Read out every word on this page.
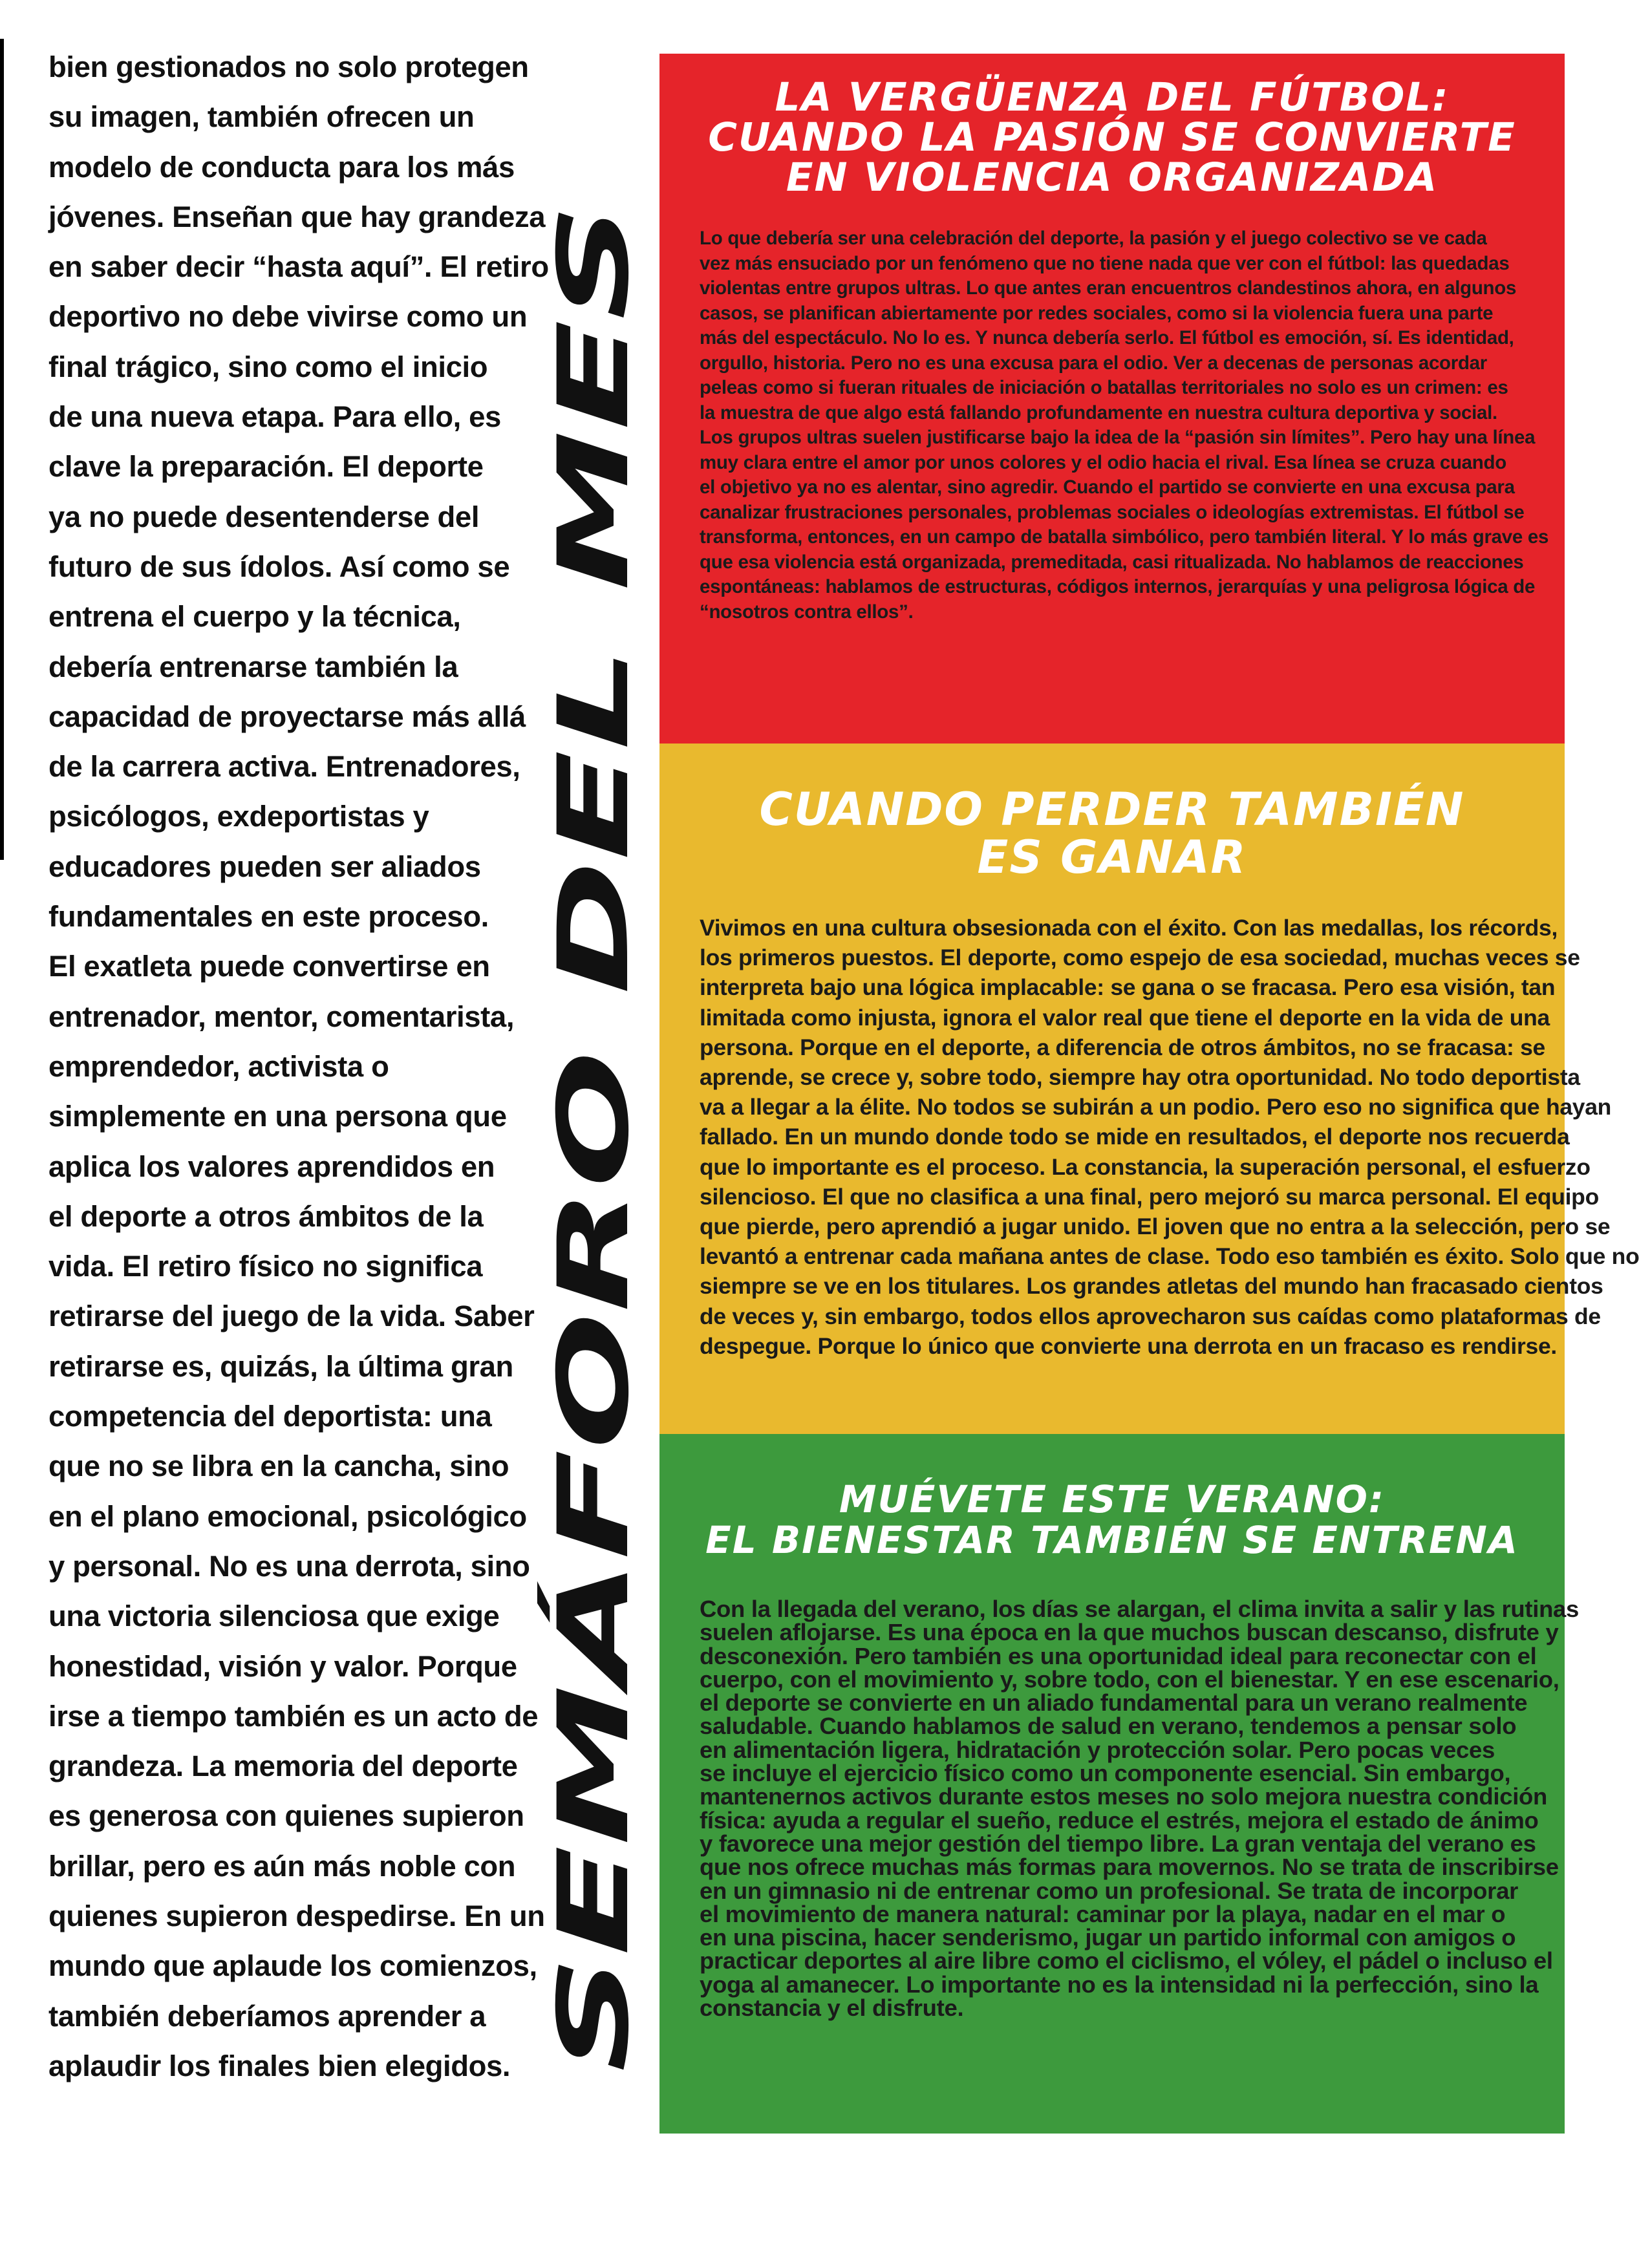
bien gestionados no solo protegen
su imagen, también ofrecen un
modelo de conducta para los más
jóvenes. Enseñan que hay grandeza
en saber decir “hasta aquí”. El retiro
deportivo no debe vivirse como un
final trágico, sino como el inicio
de una nueva etapa. Para ello, es
clave la preparación. El deporte
ya no puede desentenderse del
futuro de sus ídolos. Así como se
entrena el cuerpo y la técnica,
debería entrenarse también la
capacidad de proyectarse más allá
de la carrera activa. Entrenadores,
psicólogos, exdeportistas y
educadores pueden ser aliados
fundamentales en este proceso.
El exatleta puede convertirse en
entrenador, mentor, comentarista,
emprendedor, activista o
simplemente en una persona que
aplica los valores aprendidos en
el deporte a otros ámbitos de la
vida. El retiro físico no significa
retirarse del juego de la vida. Saber
retirarse es, quizás, la última gran
competencia del deportista: una
que no se libra en la cancha, sino
en el plano emocional, psicológico
y personal. No es una derrota, sino
una victoria silenciosa que exige
honestidad, visión y valor. Porque
irse a tiempo también es un acto de
grandeza. La memoria del deporte
es generosa con quienes supieron
brillar, pero es aún más noble con
quienes supieron despedirse. En un
mundo que aplaude los comienzos,
también deberíamos aprender a
aplaudir los finales bien elegidos. SEMÁFORO DEL MES
LA VERGÜENZA DEL FÚTBOL:
CUANDO LA PASIÓN SE CONVIERTE
EN VIOLENCIA ORGANIZADA
Lo que debería ser una celebración del deporte, la pasión y el juego colectivo se ve cada
vez más ensuciado por un fenómeno que no tiene nada que ver con el fútbol: las quedadas
violentas entre grupos ultras. Lo que antes eran encuentros clandestinos ahora, en algunos
casos, se planifican abiertamente por redes sociales, como si la violencia fuera una parte
más del espectáculo. No lo es. Y nunca debería serlo. El fútbol es emoción, sí. Es identidad,
orgullo, historia. Pero no es una excusa para el odio. Ver a decenas de personas acordar
peleas como si fueran rituales de iniciación o batallas territoriales no solo es un crimen: es
la muestra de que algo está fallando profundamente en nuestra cultura deportiva y social.
Los grupos ultras suelen justificarse bajo la idea de la “pasión sin límites”. Pero hay una línea
muy clara entre el amor por unos colores y el odio hacia el rival. Esa línea se cruza cuando
el objetivo ya no es alentar, sino agredir. Cuando el partido se convierte en una excusa para
canalizar frustraciones personales, problemas sociales o ideologías extremistas. El fútbol se
transforma, entonces, en un campo de batalla simbólico, pero también literal. Y lo más grave es
que esa violencia está organizada, premeditada, casi ritualizada. No hablamos de reacciones
espontáneas: hablamos de estructuras, códigos internos, jerarquías y una peligrosa lógica de
“nosotros contra ellos”.
CUANDO PERDER TAMBIÉN
ES GANAR
Vivimos en una cultura obsesionada con el éxito. Con las medallas, los récords,
los primeros puestos. El deporte, como espejo de esa sociedad, muchas veces se
interpreta bajo una lógica implacable: se gana o se fracasa. Pero esa visión, tan
limitada como injusta, ignora el valor real que tiene el deporte en la vida de una
persona. Porque en el deporte, a diferencia de otros ámbitos, no se fracasa: se
aprende, se crece y, sobre todo, siempre hay otra oportunidad. No todo deportista
va a llegar a la élite. No todos se subirán a un podio. Pero eso no significa que hayan
fallado. En un mundo donde todo se mide en resultados, el deporte nos recuerda
que lo importante es el proceso. La constancia, la superación personal, el esfuerzo
silencioso. El que no clasifica a una final, pero mejoró su marca personal. El equipo
que pierde, pero aprendió a jugar unido. El joven que no entra a la selección, pero se
levantó a entrenar cada mañana antes de clase. Todo eso también es éxito. Solo que no
siempre se ve en los titulares. Los grandes atletas del mundo han fracasado cientos
de veces y, sin embargo, todos ellos aprovecharon sus caídas como plataformas de
despegue. Porque lo único que convierte una derrota en un fracaso es rendirse.
MUÉVETE ESTE VERANO:
EL BIENESTAR TAMBIÉN SE ENTRENA
Con la llegada del verano, los días se alargan, el clima invita a salir y las rutinas
suelen aflojarse. Es una época en la que muchos buscan descanso, disfrute y
desconexión. Pero también es una oportunidad ideal para reconectar con el
cuerpo, con el movimiento y, sobre todo, con el bienestar. Y en ese escenario,
el deporte se convierte en un aliado fundamental para un verano realmente
saludable. Cuando hablamos de salud en verano, tendemos a pensar solo
en alimentación ligera, hidratación y protección solar. Pero pocas veces
se incluye el ejercicio físico como un componente esencial. Sin embargo,
mantenernos activos durante estos meses no solo mejora nuestra condición
física: ayuda a regular el sueño, reduce el estrés, mejora el estado de ánimo
y favorece una mejor gestión del tiempo libre. La gran ventaja del verano es
que nos ofrece muchas más formas para movernos. No se trata de inscribirse
en un gimnasio ni de entrenar como un profesional. Se trata de incorporar
el movimiento de manera natural: caminar por la playa, nadar en el mar o
en una piscina, hacer senderismo, jugar un partido informal con amigos o
practicar deportes al aire libre como el ciclismo, el vóley, el pádel o incluso el
yoga al amanecer. Lo importante no es la intensidad ni la perfección, sino la
constancia y el disfrute.
